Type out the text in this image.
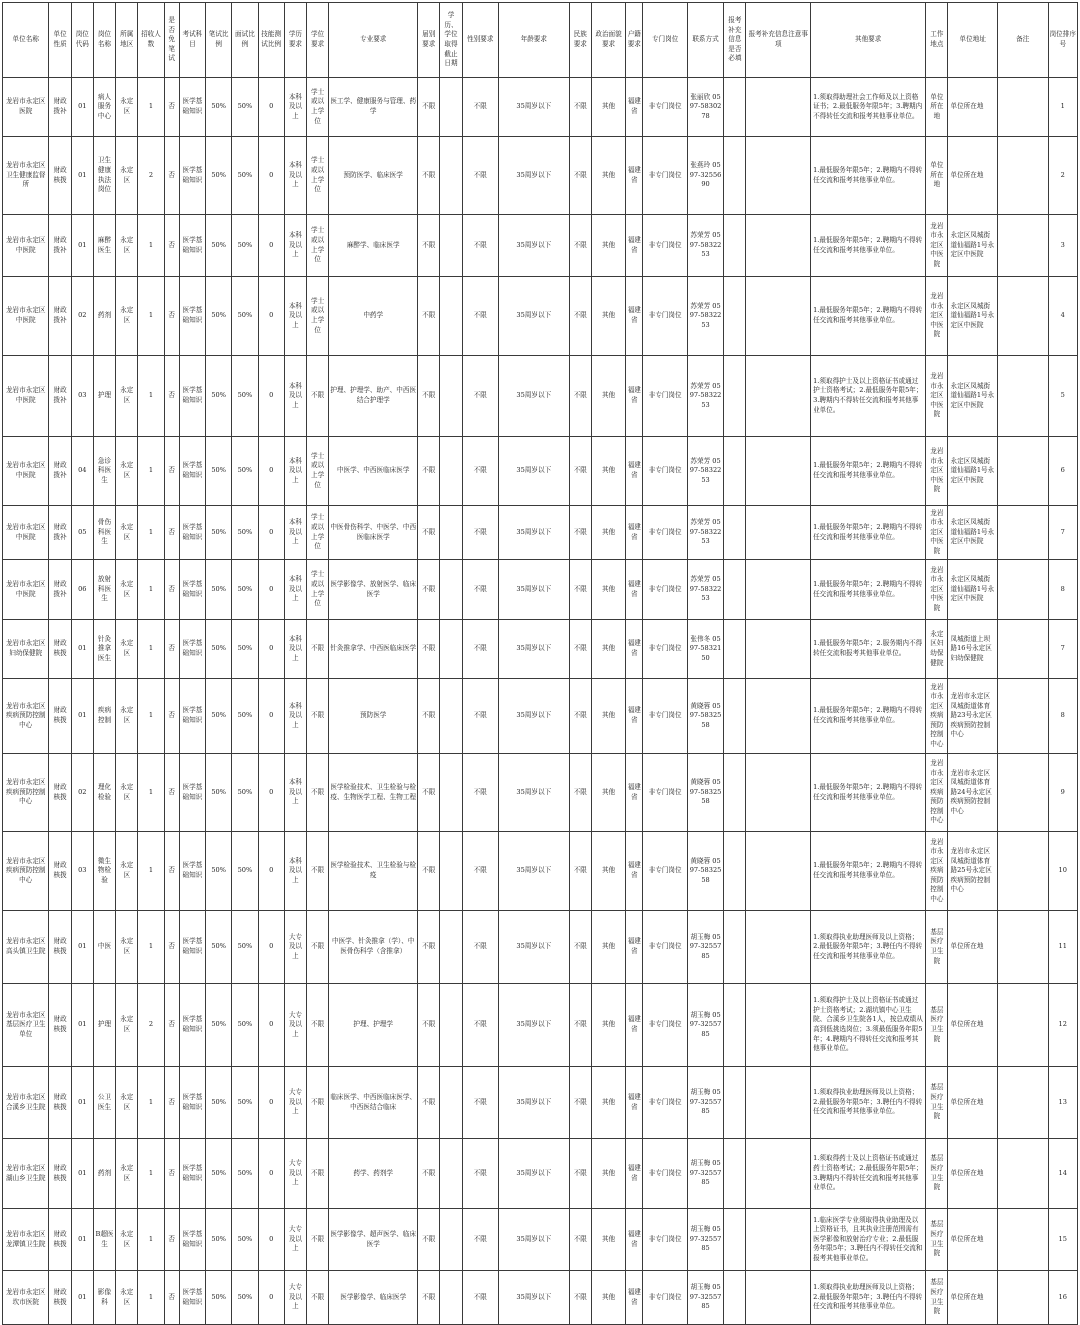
单位名称	单位性质	岗位代码	岗位名称	所属地区	招收人数	是否免笔试	考试科目	笔试比例	面试比例	技能测试比例	学历要求	学位要求	专业要求	届别要求	学历、学位取得截止日期	性别要求	年龄要求	民族要求	政治面貌要求	户籍要求	专门岗位	联系方式	报考补充信息是否必填	报考补充信息注意事项	其他要求	工作地点	单位地址	备注	岗位排序号
龙岩市永定区医院	财政拨补	01	病人服务中心	永定区	1	否	医学基础知识	50%	50%	0	本科及以上	学士或以上学位	医工学、健康服务与管理、药学	不限		不限	35周岁以下	不限	其他	福建省	非专门岗位	张丽欣 0597-5830278			1.须取得助理社会工作师及以上资格证书；2.最低服务年限5年；3.聘期内不得转任交流和报考其他事业单位。	单位所在地	单位所在地		1
龙岩市永定区卫生健康监督所	财政核拨	01	卫生健康执法岗位	永定区	2	否	医学基础知识	50%	50%	0	本科及以上	学士或以上学位	预防医学、临床医学	不限		不限	35周岁以下	不限	其他	福建省	非专门岗位	张燕玲 0597-3255690			1.最低服务年限5年；2.聘期内不得转任交流和报考其他事业单位。	单位所在地	单位所在地		2
龙岩市永定区中医院	财政拨补	01	麻醉医生	永定区	1	否	医学基础知识	50%	50%	0	本科及以上	学士或以上学位	麻醉学、临床医学	不限		不限	35周岁以下	不限	其他	福建省	非专门岗位	苏荣芳 0597-5832253			1.最低服务年限5年；2.聘期内不得转任交流和报考其他事业单位。	龙岩市永定区中医院	永定区凤城街道仙福路1号永定区中医院		3
龙岩市永定区中医院	财政拨补	02	药剂	永定区	1	否	医学基础知识	50%	50%	0	本科及以上	学士或以上学位	中药学	不限		不限	35周岁以下	不限	其他	福建省	非专门岗位	苏荣芳 0597-5832253			1.最低服务年限5年；2.聘期内不得转任交流和报考其他事业单位。	龙岩市永定区中医院	永定区凤城街道仙福路1号永定区中医院		4
龙岩市永定区中医院	财政拨补	03	护理	永定区	1	否	医学基础知识	50%	50%	0	本科及以上	不限	护理、护理学、助产、中西医结合护理学	不限		不限	35周岁以下	不限	其他	福建省	非专门岗位	苏荣芳 0597-5832253			1.须取得护士及以上资格证书或通过护士资格考试；2.最低服务年限5年；3.聘期内不得转任交流和报考其他事业单位。	龙岩市永定区中医院	永定区凤城街道仙福路1号永定区中医院		5
龙岩市永定区中医院	财政拨补	04	急诊科医生	永定区	1	否	医学基础知识	50%	50%	0	本科及以上	学士或以上学位	中医学、中西医临床医学	不限		不限	35周岁以下	不限	其他	福建省	非专门岗位	苏荣芳 0597-5832253			1.最低服务年限5年；2.聘期内不得转任交流和报考其他事业单位。	龙岩市永定区中医院	永定区凤城街道仙福路1号永定区中医院		6
龙岩市永定区中医院	财政拨补	05	骨伤科医生	永定区	1	否	医学基础知识	50%	50%	0	本科及以上	学士或以上学位	中医骨伤科学、中医学、中西医临床医学	不限		不限	35周岁以下	不限	其他	福建省	非专门岗位	苏荣芳 0597-5832253			1.最低服务年限5年；2.聘期内不得转任交流和报考其他事业单位。	龙岩市永定区中医院	永定区凤城街道仙福路1号永定区中医院		7
龙岩市永定区中医院	财政拨补	06	放射科医生	永定区	1	否	医学基础知识	50%	50%	0	本科及以上	学士或以上学位	医学影像学、放射医学、临床医学	不限		不限	35周岁以下	不限	其他	福建省	非专门岗位	苏荣芳 0597-5832253			1.最低服务年限5年；2.聘期内不得转任交流和报考其他事业单位。	龙岩市永定区中医院	永定区凤城街道仙福路1号永定区中医院		8
龙岩市永定区妇幼保健院	财政核拨	01	针灸推拿医生	永定区	1	否	医学基础知识	50%	50%	0	本科及以上	不限	针灸推拿学、中西医临床医学	不限		不限	35周岁以下	不限	其他	福建省	非专门岗位	张伟冬 0597-5832150			1.最低服务年限5年；2.服务期内不得转任交流和报考其他事业单位。	永定区妇幼保健院	凤城街道上坝路16号永定区妇幼保健院		7
龙岩市永定区疾病预防控制中心	财政核拨	01	疾病控制	永定区	1	否	医学基础知识	50%	50%	0	本科及以上	不限	预防医学	不限		不限	35周岁以下	不限	其他	福建省	非专门岗位	黄晓蓉 0597-5832558			1.最低服务年限5年；2.聘期内不得转任交流和报考其他事业单位。	龙岩市永定区疾病预防控制中心	龙岩市永定区凤城街道体育路23号永定区疾病预防控制中心		8
龙岩市永定区疾病预防控制中心	财政核拨	02	理化检验	永定区	1	否	医学基础知识	50%	50%	0	本科及以上	不限	医学检验技术、卫生检验与检疫、生物医学工程、生物工程	不限		不限	35周岁以下	不限	其他	福建省	非专门岗位	黄晓蓉 0597-5832558			1.最低服务年限5年；2.聘期内不得转任交流和报考其他事业单位。	龙岩市永定区疾病预防控制中心	龙岩市永定区凤城街道体育路24号永定区疾病预防控制中心		9
龙岩市永定区疾病预防控制中心	财政核拨	03	微生物检验	永定区	1	否	医学基础知识	50%	50%	0	本科及以上	不限	医学检验技术、卫生检验与检疫	不限		不限	35周岁以下	不限	其他	福建省	非专门岗位	黄晓蓉 0597-5832558			1.最低服务年限5年；2.聘期内不得转任交流和报考其他事业单位。	龙岩市永定区疾病预防控制中心	龙岩市永定区凤城街道体育路25号永定区疾病预防控制中心		10
龙岩市永定区高头镇卫生院	财政核拨	01	中医	永定区	1	否	医学基础知识	50%	50%	0	大专及以上	不限	中医学、针灸推拿（学）、中医骨伤科学（含推拿）	不限		不限	35周岁以下	不限	其他	福建省	非专门岗位	胡玉梅 0597-3255785			1.须取得执业助理医师及以上资格；2.最低服务年限5年；3.聘任内不得转任交流和报考其他事业单位。	基层医疗卫生院	单位所在地		11
龙岩市永定区基层医疗卫生单位	财政核拨	01	护理	永定区	2	否	医学基础知识	50%	50%	0	大专及以上	不限	护理、护理学	不限		不限	35周岁以下	不限	其他	福建省	非专门岗位	胡玉梅 0597-3255785			1.须取得护士及以上资格证书或通过护士资格考试；2.湖坑镇中心卫生院、合溪乡卫生院各1人，按总成绩从高到低挑选岗位；3.须最低服务年限5年；4.聘期内不得转任交流和报考其他事业单位。	基层医疗卫生院	单位所在地		12
龙岩市永定区合溪乡卫生院	财政核拨	01	公卫医生	永定区	1	否	医学基础知识	50%	50%	0	大专及以上	不限	临床医学、中西医临床医学、中西医结合临床	不限		不限	35周岁以下	不限	其他	福建省	非专门岗位	胡玉梅 0597-3255785			1.须取得执业助理医师及以上资格；2.最低服务年限5年；3.聘任内不得转任交流和报考其他事业单位。	基层医疗卫生院	单位所在地		13
龙岩市永定区湖山乡卫生院	财政核拨	01	药剂	永定区	1	否	医学基础知识	50%	50%	0	大专及以上	不限	药学、药剂学	不限		不限	35周岁以下	不限	其他	福建省	非专门岗位	胡玉梅 0597-3255785			1.须取得药士及以上资格证书或通过药士资格考试；2.最低服务年限5年；3.聘期内不得转任交流和报考其他事业单位。	基层医疗卫生院	单位所在地		14
龙岩市永定区龙潭镇卫生院	财政核拨	01	B超医生	永定区	1	否	医学基础知识	50%	50%	0	大专及以上	不限	医学影像学、超声医学、临床医学	不限		不限	35周岁以下	不限	其他	福建省	非专门岗位	胡玉梅 0597-3255785			1.临床医学专业须取得执业助理及以上资格证书，且其执业注册范围需有医学影像和放射治疗专业；2.最低服务年限5年；3.聘任内不得转任交流和报考其他事业单位。	基层医疗卫生院	单位所在地		15
龙岩市永定区坎市医院	财政核拨	01	影像科	永定区	1	否	医学基础知识	50%	50%	0	大专及以上	不限	医学影像学、临床医学	不限		不限	35周岁以下	不限	其他	福建省	非专门岗位	胡玉梅 0597-3255785			1.须取得执业助理医师及以上资格；2.最低服务年限5年；3.聘任内不得转任交流和报考其他事业单位。	基层医疗卫生院	单位所在地		16
